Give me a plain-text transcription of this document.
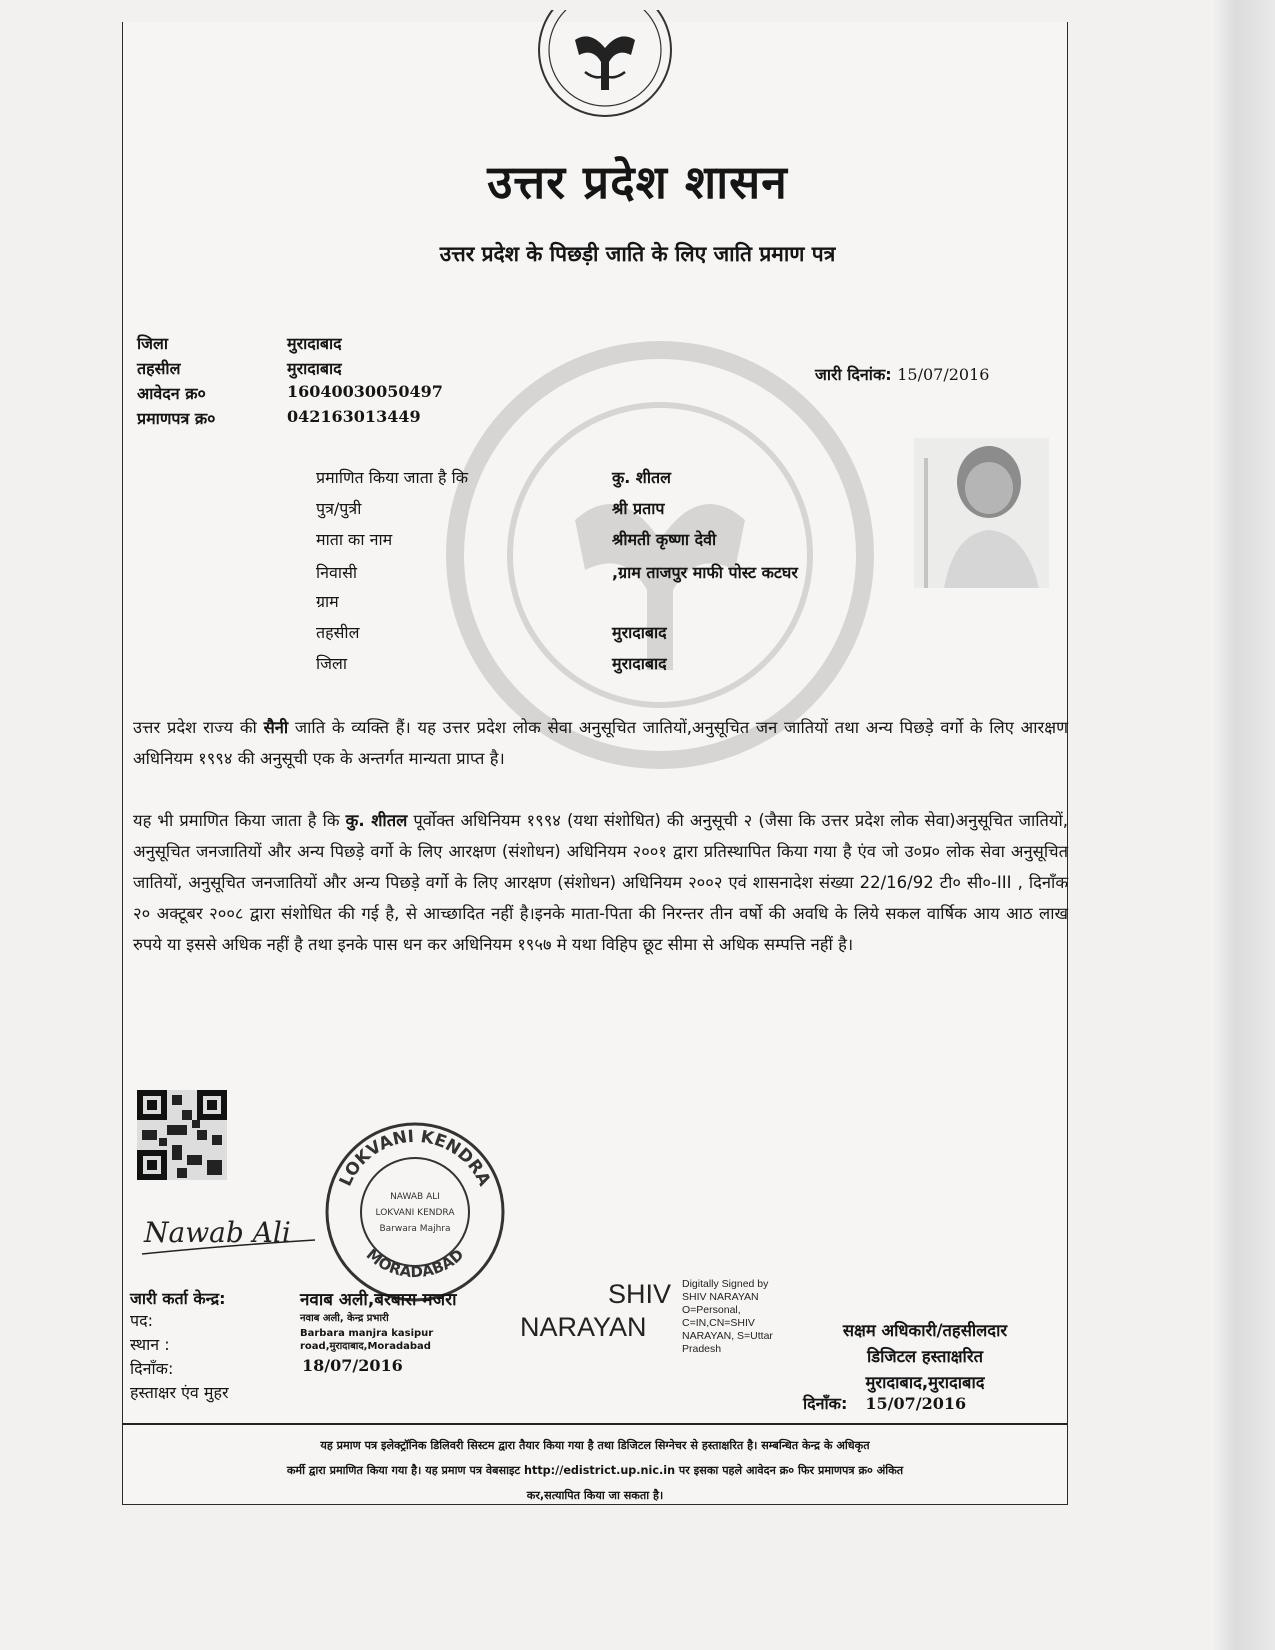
उत्तर प्रदेश शासन
उत्तर प्रदेश के पिछड़ी जाति के लिए जाति प्रमाण पत्र
जिला	मुरादाबाद
तहसील	मुरादाबाद
आवेदन क्र०	16040030050497
प्रमाणपत्र क्र०	042163013449
जारी दिनांक: 15/07/2016
प्रमाणित किया जाता है कि	कु. शीतल
पुत्र/पुत्री	श्री प्रताप
माता का नाम	श्रीमती कृष्णा देवी
निवासी	,ग्राम ताजपुर माफी पोस्ट कटघर
ग्राम
तहसील	मुरादाबाद
जिला	मुरादाबाद
उत्तर प्रदेश राज्य की सैनी जाति के व्यक्ति हैं। यह उत्तर प्रदेश लोक सेवा अनुसूचित जातियों,अनुसूचित जन जातियों तथा अन्य पिछड़े वर्गो के लिए आरक्षण अधिनियम १९९४ की अनुसूची एक के अन्तर्गत मान्यता प्राप्त है।
यह भी प्रमाणित किया जाता है कि कु. शीतल पूर्वोक्त अधिनियम १९९४ (यथा संशोधित) की अनुसूची २ (जैसा कि उत्तर प्रदेश लोक सेवा)अनुसूचित जातियों, अनुसूचित जनजातियों और अन्य पिछड़े वर्गो के लिए आरक्षण (संशोधन) अधिनियम २००१ द्वारा प्रतिस्थापित किया गया है एंव जो उ०प्र० लोक सेवा अनुसूचित जातियों, अनुसूचित जनजातियों और अन्य पिछड़े वर्गो के लिए आरक्षण (संशोधन) अधिनियम २००२ एवं शासनादेश संख्या 22/16/92 टी० सी०-III , दिनाँक २० अक्टूबर २००८ द्वारा संशोधित की गई है, से आच्छादित नहीं है।इनके माता-पिता की निरन्तर तीन वर्षो की अवधि के लिये सकल वार्षिक आय आठ लाख रुपये या इससे अधिक नहीं है तथा इनके पास धन कर अधिनियम १९५७ मे यथा विहिप छूट सीमा से अधिक सम्पत्ति नहीं है।
LOKVANI KENDRA
MORADABAD
NAWAB ALI
LOKVANI KENDRA
Barwara Majhra
Nawab Ali
जारी कर्ता केन्द्र:	नवाब अली,बरबारा मजरा
पद:	नवाब अली, केन्द्र प्रभारी
स्थान :
Barbara manjra kasipur road,मुरादाबाद,Moradabad
दिनाँक:	18/07/2016
हस्ताक्षर एंव मुहर
SHIV
NARAYAN
Digitally Signed by SHIV NARAYAN O=Personal, C=IN,CN=SHIV NARAYAN, S=Uttar Pradesh
सक्षम अधिकारी/तहसीलदार
डिजिटल हस्ताक्षरित
मुरादाबाद,मुरादाबाद
दिनाँक: 15/07/2016
यह प्रमाण पत्र इलेक्ट्रॉनिक डिलिवरी सिस्टम द्वारा तैयार किया गया है तथा डिजिटल सिग्नेचर से हस्ताक्षरित है। सम्बन्धित केन्द्र के अधिकृत
कर्मी द्वारा प्रमाणित किया गया है। यह प्रमाण पत्र वेबसाइट http://edistrict.up.nic.in पर इसका पहले आवेदन क्र० फिर प्रमाणपत्र क्र० अंकित
कर,सत्यापित किया जा सकता है।
